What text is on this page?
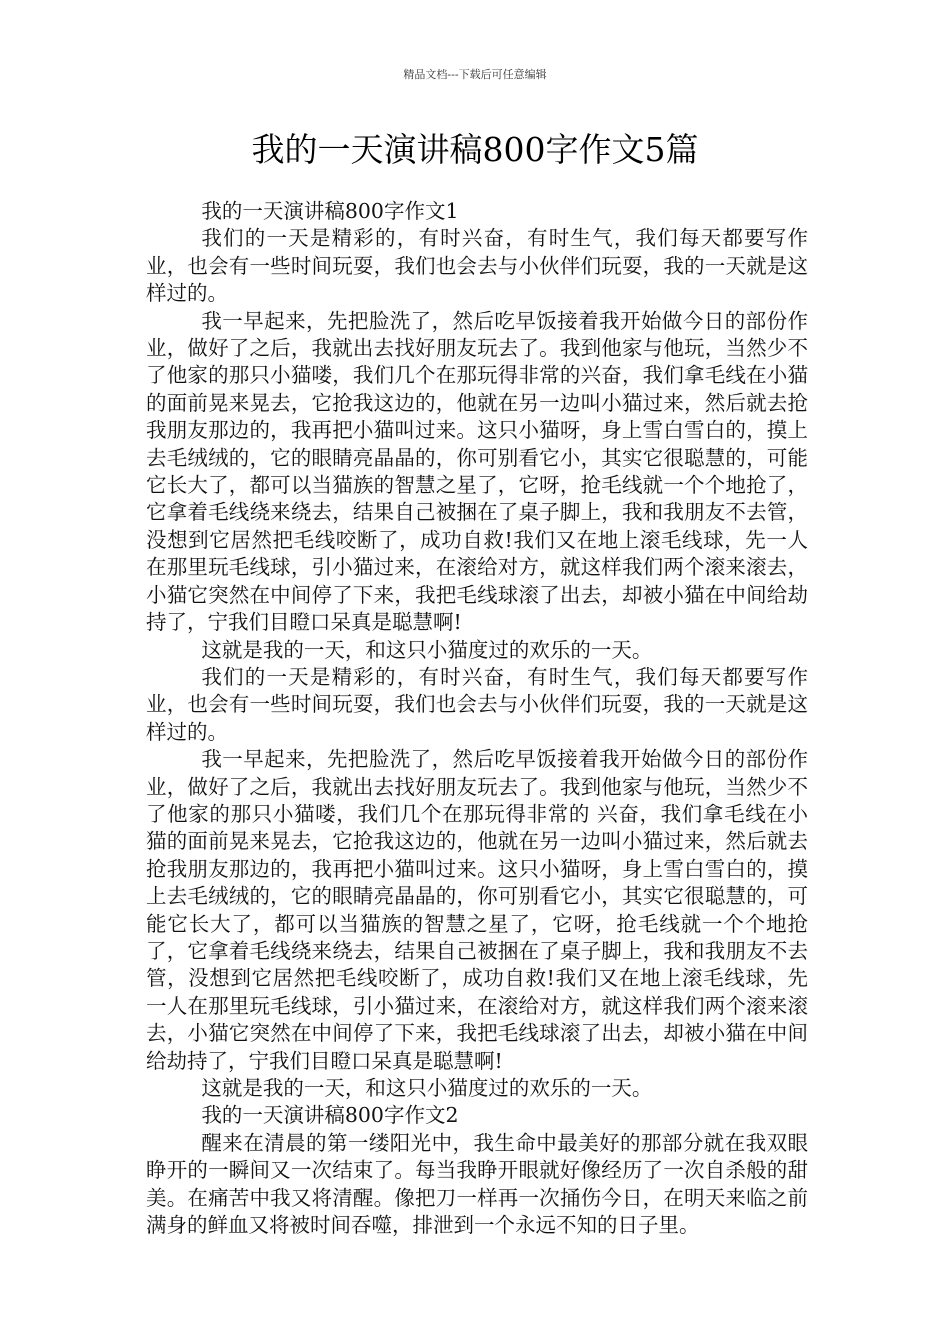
精品文档---下载后可任意编辑
我的一天演讲稿800字作文5篇

我的一天演讲稿800字作文1

我们的一天是精彩的，有时兴奋，有时生气，我们每天都要写作业，也会有一些时间玩耍，我们也会去与小伙伴们玩耍，我的一天就是这样过的。

我一早起来，先把脸洗了，然后吃早饭接着我开始做今日的部份作业，做好了之后，我就出去找好朋友玩去了。我到他家与他玩，当然少不了他家的那只小猫喽，我们几个在那玩得非常的兴奋，我们拿毛线在小猫的面前晃来晃去，它抢我这边的，他就在另一边叫小猫过来，然后就去抢我朋友那边的，我再把小猫叫过来。这只小猫呀，身上雪白雪白的，摸上去毛绒绒的，它的眼睛亮晶晶的，你可别看它小，其实它很聪慧的，可能它长大了，都可以当猫族的智慧之星了，它呀，抢毛线就一个个地抢了，它拿着毛线绕来绕去，结果自己被捆在了桌子脚上，我和我朋友不去管，没想到它居然把毛线咬断了，成功自救!我们又在地上滚毛线球，先一人在那里玩毛线球，引小猫过来，在滚给对方，就这样我们两个滚来滚去，小猫它突然在中间停了下来，我把毛线球滚了出去，却被小猫在中间给劫持了，宁我们目瞪口呆真是聪慧啊!

这就是我的一天，和这只小猫度过的欢乐的一天。

我们的一天是精彩的，有时兴奋，有时生气，我们每天都要写作业，也会有一些时间玩耍，我们也会去与小伙伴们玩耍，我的一天就是这样过的。

我一早起来，先把脸洗了，然后吃早饭接着我开始做今日的部份作业，做好了之后，我就出去找好朋友玩去了。我到他家与他玩，当然少不了他家的那只小猫喽，我们几个在那玩得非常的 兴奋，我们拿毛线在小猫的面前晃来晃去，它抢我这边的，他就在另一边叫小猫过来，然后就去抢我朋友那边的，我再把小猫叫过来。这只小猫呀，身上雪白雪白的，摸上去毛绒绒的，它的眼睛亮晶晶的，你可别看它小，其实它很聪慧的，可能它长大了，都可以当猫族的智慧之星了，它呀，抢毛线就一个个地抢了，它拿着毛线绕来绕去，结果自己被捆在了桌子脚上，我和我朋友不去管，没想到它居然把毛线咬断了，成功自救!我们又在地上滚毛线球，先一人在那里玩毛线球，引小猫过来，在滚给对方，就这样我们两个滚来滚去，小猫它突然在中间停了下来，我把毛线球滚了出去，却被小猫在中间给劫持了，宁我们目瞪口呆真是聪慧啊!

这就是我的一天，和这只小猫度过的欢乐的一天。

我的一天演讲稿800字作文2

醒来在清晨的第一缕阳光中，我生命中最美好的那部分就在我双眼睁开的一瞬间又一次结束了。每当我睁开眼就好像经历了一次自杀般的甜美。在痛苦中我又将清醒。像把刀一样再一次捅伤今日，在明天来临之前满身的鲜血又将被时间吞噬，排泄到一个永远不知的日子里。
